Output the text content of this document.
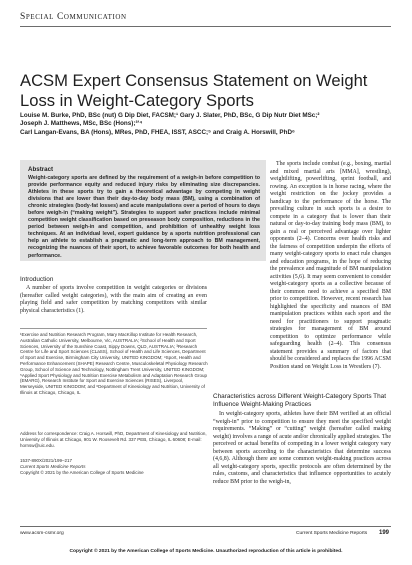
Special Communication
ACSM Expert Consensus Statement on Weight Loss in Weight-Category Sports
Louise M. Burke, PhD, BSc (nut) G Dip Diet, FACSM;¹ Gary J. Slater, PhD, BSc, G Dip Nutr Diet MSc;²
Joseph J. Matthews, MSc, BSc (Hons);³ʼ⁴
Carl Langan-Evans, BA (Hons), MRes, PhD, FHEA, ISST, ASCC;⁵ and Craig A. Horswill, PhD⁶
Abstract

Weight-category sports are defined by the requirement of a weigh-in before competition to provide performance equity and reduced injury risks by eliminating size discrepancies. Athletes in these sports try to gain a theoretical advantage by competing in weight divisions that are lower than their day-to-day body mass (BM), using a combination of chronic strategies (body-fat losses) and acute manipulations over a period of hours to days before weigh-in (“making weight”). Strategies to support safer practices include minimal competition weight classification based on preseason body composition, reductions in the period between weigh-in and competition, and prohibition of unhealthy weight loss techniques. At an individual level, expert guidance by a sports nutrition professional can help an athlete to establish a pragmatic and long-term approach to BM management, recognizing the nuances of their sport, to achieve favorable outcomes for both health and performance.

Introduction

A number of sports involve competition in weight categories or divisions (hereafter called weight categories), with the main aim of creating an even playing field and safer competition by matching competitors with similar physical characteristics (1).

¹Exercise and Nutrition Research Program, Mary MacKillop Institute for Health Research, Australian Catholic University, Melbourne, Vic, AUSTRALIA; ²School of Health and Sport Sciences, University of the Sunshine Coast, Sippy Downs, QLD, AUSTRALIA; ³Research Centre for Life and Sport Sciences (CLaSS), School of Health and Life Sciences, Department of Sport and Exercise, Birmingham City University, UNITED KINGDOM; ⁴Sport, Health and Performance Enhancement (SHAPE) Research Centre, Musculoskeletal Physiology Research Group, School of Science and Technology, Nottingham Trent University, UNITED KINGDOM; ⁵Applied Sport Physiology and Nutrition Exercise Metabolism and Adaptation Research Group (EMARG), Research Institute for Sport and Exercise Sciences (RISES), Liverpool, Merseyside, UNITED KINGDOM; and ⁶Department of Kinesiology and Nutrition, University of Illinois at Chicago, Chicago, IL

Address for correspondence: Craig A. Horswill, PhD, Department of Kinesiology and Nutrition, University of Illinois at Chicago, 901 W. Roosevelt Rd. 337 PEB, Chicago, IL 60608; E-mail: hornsw@uic.edu.

1537-890X/2021/199–217
Current Sports Medicine Reports
Copyright © 2021 by the American College of Sports Medicine

The sports include combat (e.g., boxing, martial and mixed martial arts [MMA], wrestling), weightlifting, powerlifting, sprint football, and rowing. An exception is in horse racing, where the weight restriction on the jockey provides a handicap to the performance of the horse. The prevailing culture in such sports is a desire to compete in a category that is lower than their natural or day-to-day training body mass (BM), to gain a real or perceived advantage over lighter opponents (2–4). Concerns over health risks and the fairness of competition underpin the efforts of many weight-category sports to enact rule changes and education programs, in the hope of reducing the prevalence and magnitude of BM manipulation activities (5,6). It may seem convenient to consider weight-category sports as a collective because of their common need to achieve a specified BM prior to competition. However, recent research has highlighted the specificity and nuances of BM manipulation practices within each sport and the need for practitioners to support pragmatic strategies for management of BM around competition to optimize performance while safeguarding health (2–4). This consensus statement provides a summary of factors that should be considered and replaces the 1996 ACSM Position stand on Weight Loss in Wrestlers (7).

Characteristics across Different Weight-Category Sports That Influence Weight-Making Practices

In weight-category sports, athletes have their BM verified at an official “weigh-in” prior to competition to ensure they meet the specified weight requirements. “Making” or “cutting” weight (hereafter called making weight) involves a range of acute and/or chronically applied strategies. The perceived or actual benefits of competing in a lower weight category vary between sports according to the characteristics that determine success (4,6,8). Although there are some common weight-making practices across all weight-category sports, specific protocols are often determined by the rules, customs, and characteristics that influence opportunities to acutely reduce BM prior to the weigh-in,

www.acsm-csmr.org	Current Sports Medicine Reports 199
Copyright © 2021 by the American College of Sports Medicine. Unauthorized reproduction of this article is prohibited.
